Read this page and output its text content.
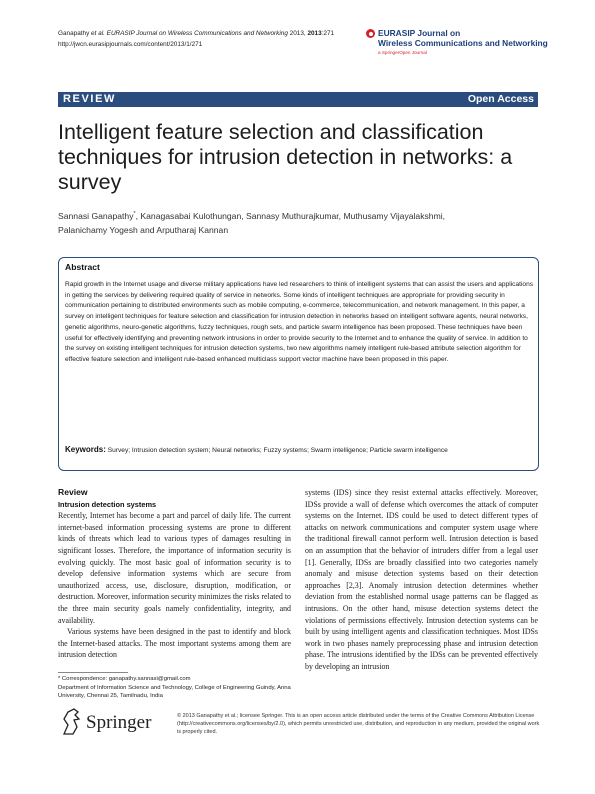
Ganapathy et al. EURASIP Journal on Wireless Communications and Networking 2013, 2013:271
http://jwcn.eurasipjournals.com/content/2013/1/271
EURASIP Journal on
Wireless Communications and Networking
a SpringerOpen Journal
REVIEW	Open Access
Intelligent feature selection and classification techniques for intrusion detection in networks: a survey
Sannasi Ganapathy*, Kanagasabai Kulothungan, Sannasy Muthurajkumar, Muthusamy Vijayalakshmi,
Palanichamy Yogesh and Arputharaj Kannan
Abstract
Rapid growth in the Internet usage and diverse military applications have led researchers to think of intelligent systems that can assist the users and applications in getting the services by delivering required quality of service in networks. Some kinds of intelligent techniques are appropriate for providing security in communication pertaining to distributed environments such as mobile computing, e-commerce, telecommunication, and network management. In this paper, a survey on intelligent techniques for feature selection and classification for intrusion detection in networks based on intelligent software agents, neural networks, genetic algorithms, neuro-genetic algorithms, fuzzy techniques, rough sets, and particle swarm intelligence has been proposed. These techniques have been useful for effectively identifying and preventing network intrusions in order to provide security to the Internet and to enhance the quality of service. In addition to the survey on existing intelligent techniques for intrusion detection systems, two new algorithms namely intelligent rule-based attribute selection algorithm for effective feature selection and intelligent rule-based enhanced multiclass support vector machine have been proposed in this paper.
Keywords: Survey; Intrusion detection system; Neural networks; Fuzzy systems; Swarm intelligence; Particle swarm intelligence
Review
Intrusion detection systems

Recently, Internet has become a part and parcel of daily life. The current internet-based information processing systems are prone to different kinds of threats which lead to various types of damages resulting in significant losses. Therefore, the importance of information security is evolving quickly. The most basic goal of information security is to develop defensive information systems which are secure from unauthorized access, use, disclosure, disruption, modification, or destruction. Moreover, information security minimizes the risks related to the three main security goals namely confidentiality, integrity, and availability.

Various systems have been designed in the past to identify and block the Internet-based attacks. The most important systems among them are intrusion detection

systems (IDS) since they resist external attacks effectively. Moreover, IDSs provide a wall of defense which overcomes the attack of computer systems on the Internet. IDS could be used to detect different types of attacks on network communications and computer system usage where the traditional firewall cannot perform well. Intrusion detection is based on an assumption that the behavior of intruders differ from a legal user [1]. Generally, IDSs are broadly classified into two categories namely anomaly and misuse detection systems based on their detection approaches [2,3]. Anomaly intrusion detection determines whether deviation from the established normal usage patterns can be flagged as intrusions. On the other hand, misuse detection systems detect the violations of permissions effectively. Intrusion detection systems can be built by using intelligent agents and classification techniques. Most IDSs work in two phases namely preprocessing phase and intrusion detection phase. The intrusions identified by the IDSs can be prevented effectively by developing an intrusion

* Correspondence: ganapathy.sannasi@gmail.com
Department of Information Science and Technology, College of Engineering Guindy, Anna University, Chennai 25, Tamilnadu, India
Springer	© 2013 Ganapathy et al.; licensee Springer. This is an open access article distributed under the terms of the Creative Commons Attribution License (http://creativecommons.org/licenses/by/2.0), which permits unrestricted use, distribution, and reproduction in any medium, provided the original work is properly cited.
